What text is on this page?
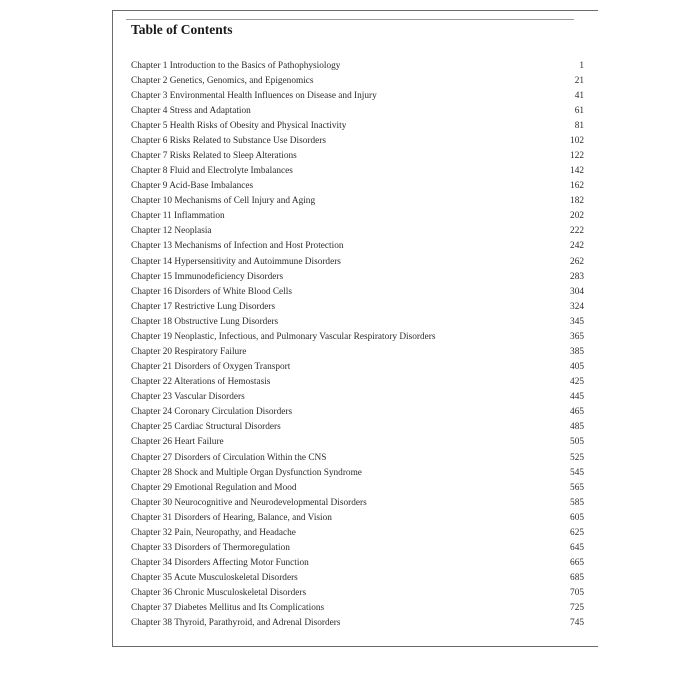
Table of Contents
Chapter 1 Introduction to the Basics of Pathophysiology	1
Chapter 2 Genetics, Genomics, and Epigenomics	21
Chapter 3 Environmental Health Influences on Disease and Injury	41
Chapter 4 Stress and Adaptation	61
Chapter 5 Health Risks of Obesity and Physical Inactivity	81
Chapter 6 Risks Related to Substance Use Disorders	102
Chapter 7 Risks Related to Sleep Alterations	122
Chapter 8 Fluid and Electrolyte Imbalances	142
Chapter 9 Acid-Base Imbalances	162
Chapter 10 Mechanisms of Cell Injury and Aging	182
Chapter 11 Inflammation	202
Chapter 12 Neoplasia	222
Chapter 13 Mechanisms of Infection and Host Protection	242
Chapter 14 Hypersensitivity and Autoimmune Disorders	262
Chapter 15 Immunodeficiency Disorders	283
Chapter 16 Disorders of White Blood Cells	304
Chapter 17 Restrictive Lung Disorders	324
Chapter 18 Obstructive Lung Disorders	345
Chapter 19 Neoplastic, Infectious, and Pulmonary Vascular Respiratory Disorders	365
Chapter 20 Respiratory Failure	385
Chapter 21 Disorders of Oxygen Transport	405
Chapter 22 Alterations of Hemostasis	425
Chapter 23 Vascular Disorders	445
Chapter 24 Coronary Circulation Disorders	465
Chapter 25 Cardiac Structural Disorders	485
Chapter 26 Heart Failure	505
Chapter 27 Disorders of Circulation Within the CNS	525
Chapter 28 Shock and Multiple Organ Dysfunction Syndrome	545
Chapter 29 Emotional Regulation and Mood	565
Chapter 30 Neurocognitive and Neurodevelopmental Disorders	585
Chapter 31 Disorders of Hearing, Balance, and Vision	605
Chapter 32 Pain, Neuropathy, and Headache	625
Chapter 33 Disorders of Thermoregulation	645
Chapter 34 Disorders Affecting Motor Function	665
Chapter 35 Acute Musculoskeletal Disorders	685
Chapter 36 Chronic Musculoskeletal Disorders	705
Chapter 37 Diabetes Mellitus and Its Complications	725
Chapter 38 Thyroid, Parathyroid, and Adrenal Disorders	745
